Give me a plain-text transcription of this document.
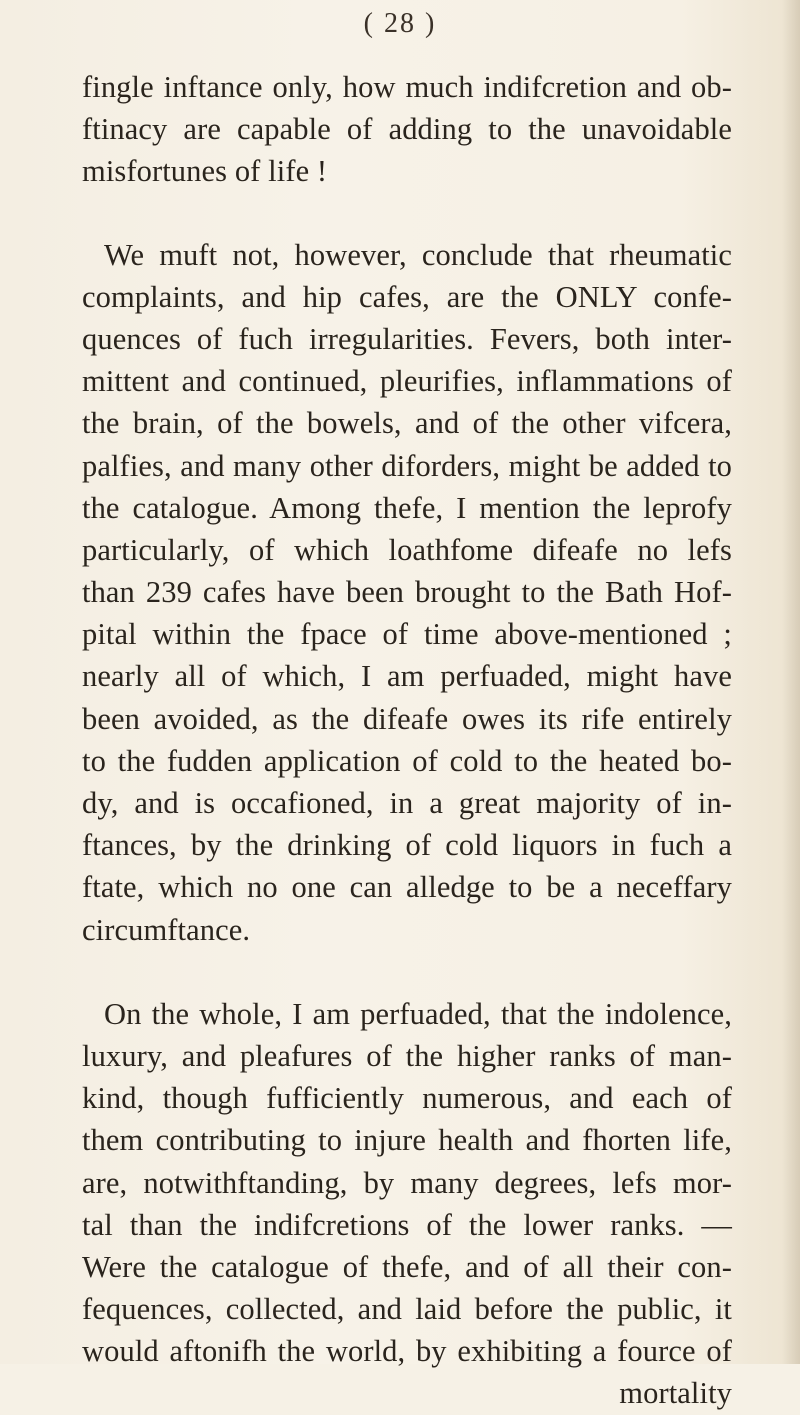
( 28 )
fingle inftance only, how much indifcretion and ob-
ftinacy are capable of adding to the unavoidable
misfortunes of life !
We muft not, however, conclude that rheumatic
complaints, and hip cafes, are the ONLY confe-
quences of fuch irregularities. Fevers, both inter-
mittent and continued, pleurifies, inflammations of
the brain, of the bowels, and of the other vifcera,
palfies, and many other diforders, might be added to
the catalogue. Among thefe, I mention the leprofy
particularly, of which loathfome difeafe no lefs
than 239 cafes have been brought to the Bath Hof-
pital within the fpace of time above-mentioned ;
nearly all of which, I am perfuaded, might have
been avoided, as the difeafe owes its rife entirely
to the fudden application of cold to the heated bo-
dy, and is occafioned, in a great majority of in-
ftances, by the drinking of cold liquors in fuch a
ftate, which no one can alledge to be a neceffary
circumftance.
On the whole, I am perfuaded, that the indolence,
luxury, and pleafures of the higher ranks of man-
kind, though fufficiently numerous, and each of
them contributing to injure health and fhorten life,
are, notwithftanding, by many degrees, lefs mor-
tal than the indifcretions of the lower ranks. —
Were the catalogue of thefe, and of all their con-
fequences, collected, and laid before the public, it
would aftonifh the world, by exhibiting a fource of
mortality
